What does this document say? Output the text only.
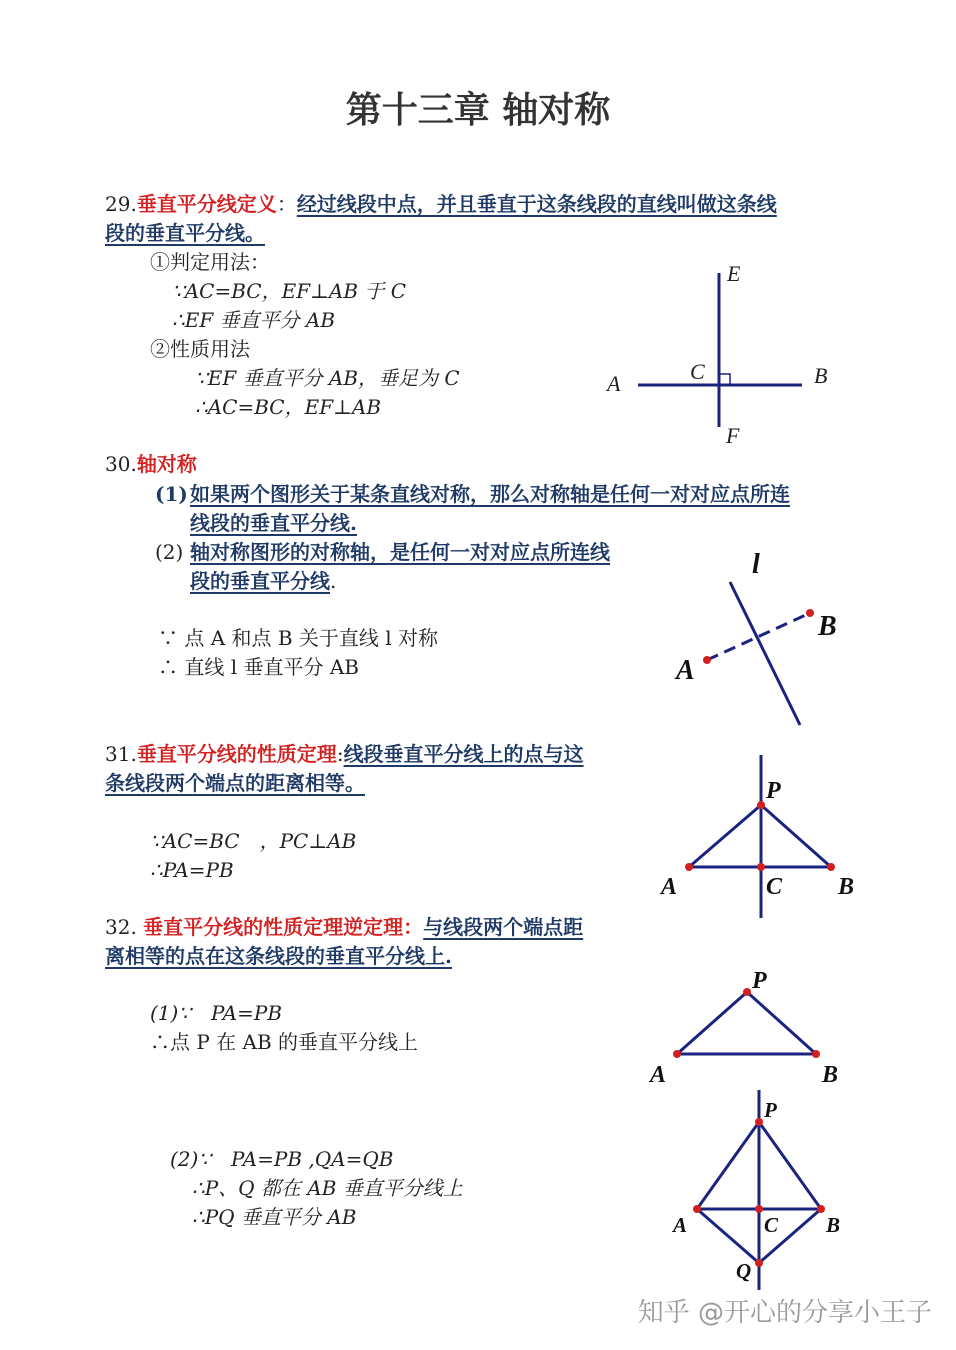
第十三章 轴对称
29.垂直平分线定义：经过线段中点，并且垂直于这条线段的直线叫做这条线
段的垂直平分线。
①判定用法：
∵AC=BC，EF⊥AB 于 C
∴EF 垂直平分 AB
②性质用法
∵EF 垂直平分 AB，垂足为 C
∴AC=BC，EF⊥AB
E
F
A	B
C
30.轴对称
(1) 如果两个图形关于某条直线对称，那么对称轴是任何一对对应点所连
线段的垂直平分线.
(2) 轴对称图形的对称轴，是任何一对对应点所连线
段的垂直平分线.
∵ 点 A 和点 B 关于直线 l 对称
∴ 直线 l 垂直平分 AB
l
A
B
31.垂直平分线的性质定理:线段垂直平分线上的点与这
条线段两个端点的距离相等。
∵AC=BC　，PC⊥AB
∴PA=PB
P
A	B
C
32. 垂直平分线的性质定理逆定理：与线段两个端点距
离相等的点在这条线段的垂直平分线上.
(1)∵　PA=PB
∴点 P 在 AB 的垂直平分线上
(2)∵　PA=PB ,QA=QB
∴P、Q 都在 AB 垂直平分线上
∴PQ 垂直平分 AB
P
A	B
P
A	B
C
Q
知乎 @开心的分享小王子
